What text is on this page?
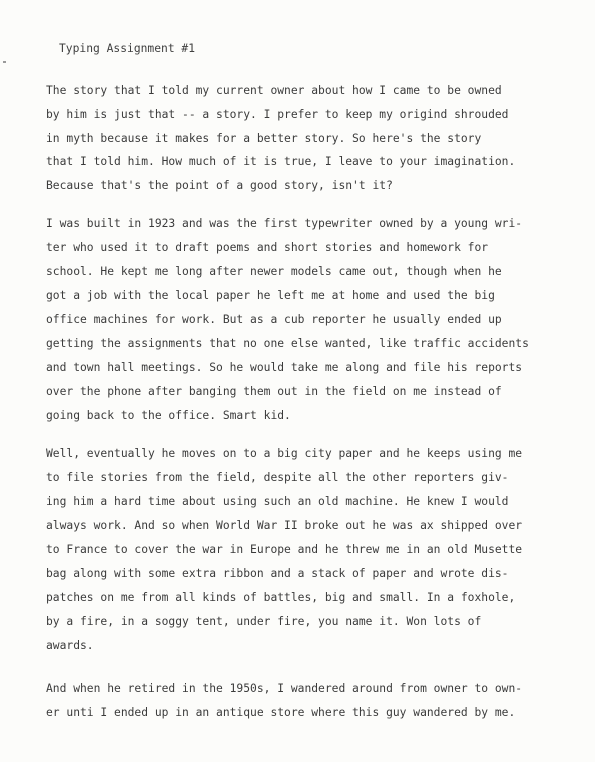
Typing Assignment #1
The story that I told my current owner about how I came to be owned
by him is just that -- a story. I prefer to keep my origind shrouded
in myth because it makes for a better story. So here's the story
that I told him. How much of it is true, I leave to your imagination.
Because that's the point of a good story, isn't it?
I was built in 1923 and was the first typewriter owned by a young wri-
ter who used it to draft poems and short stories and homework for
school. He kept me long after newer models came out, though when he
got a job with the local paper he left me at home and used the big
office machines for work. But as a cub reporter he usually ended up
getting the assignments that no one else wanted, like traffic accidents
and town hall meetings. So he would take me along and file his reports
over the phone after banging them out in the field on me instead of
going back to the office. Smart kid.
Well, eventually he moves on to a big city paper and he keeps using me
to file stories from the field, despite all the other reporters giv-
ing him a hard time about using such an old machine. He knew I would
always work. And so when World War II broke out he was ax shipped over
to France to cover the war in Europe and he threw me in an old Musette
bag along with some extra ribbon and a stack of paper and wrote dis-
patches on me from all kinds of battles, big and small. In a foxhole,
by a fire, in a soggy tent, under fire, you name it. Won lots of
awards.
And when he retired in the 1950s, I wandered around from owner to own-
er unti I ended up in an antique store where this guy wandered by me.
